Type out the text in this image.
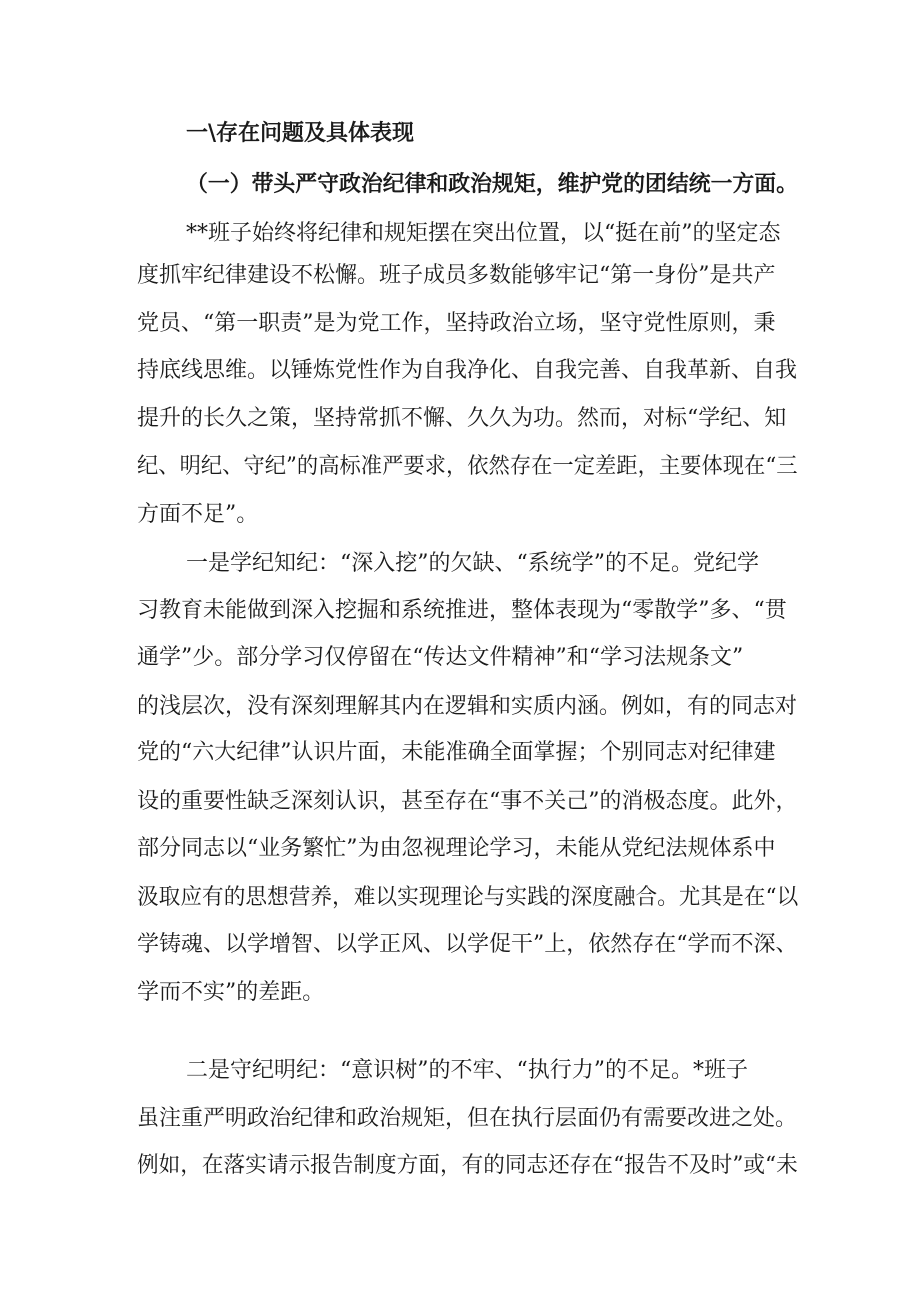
一\存在问题及具体表现
（一）带头严守政治纪律和政治规矩，维护党的团结统一方面。

**班子始终将纪律和规矩摆在突出位置，以“挺在前”的坚定态

度抓牢纪律建设不松懈。班子成员多数能够牢记“第一身份”是共产

党员、“第一职责”是为党工作，坚持政治立场，坚守党性原则，秉

持底线思维。以锤炼党性作为自我净化、自我完善、自我革新、自我

提升的长久之策，坚持常抓不懈、久久为功。然而，对标“学纪、知

纪、明纪、守纪”的高标准严要求，依然存在一定差距，主要体现在“三

方面不足”。

一是学纪知纪：“深入挖”的欠缺、“系统学”的不足。党纪学

习教育未能做到深入挖掘和系统推进，整体表现为“零散学”多、“贯

通学”少。部分学习仅停留在“传达文件精神”和“学习法规条文”

的浅层次，没有深刻理解其内在逻辑和实质内涵。例如，有的同志对

党的“六大纪律”认识片面，未能准确全面掌握；个别同志对纪律建

设的重要性缺乏深刻认识，甚至存在“事不关己”的消极态度。此外，

部分同志以“业务繁忙”为由忽视理论学习，未能从党纪法规体系中

汲取应有的思想营养，难以实现理论与实践的深度融合。尤其是在“以

学铸魂、以学增智、以学正风、以学促干”上，依然存在“学而不深、

学而不实”的差距。

二是守纪明纪：“意识树”的不牢、“执行力”的不足。*班子

虽注重严明政治纪律和政治规矩，但在执行层面仍有需要改进之处。

例如，在落实请示报告制度方面，有的同志还存在“报告不及时”或“未
